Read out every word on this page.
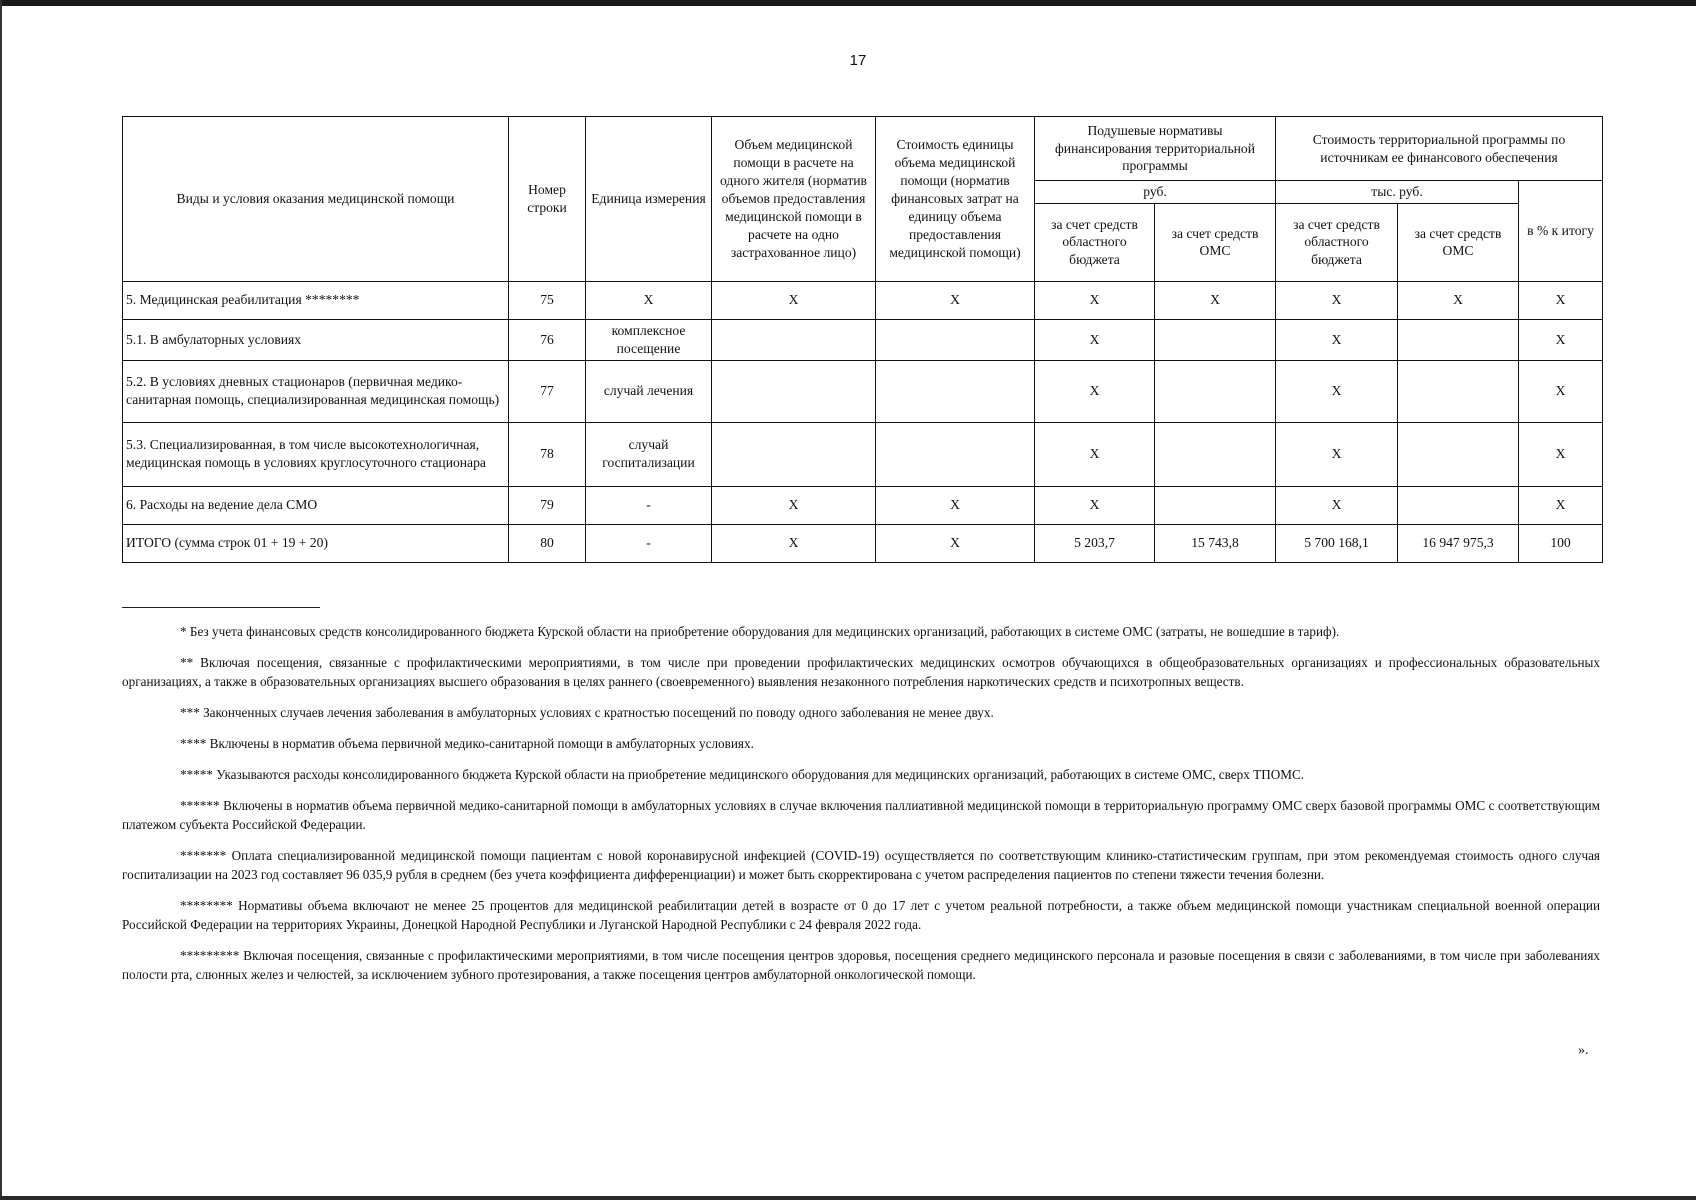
17
Виды и условия оказания медицинской помощи	Номер строки	Единица измерения	Объем медицинской помощи в расчете на одного жителя (норматив объемов предоставления медицинской помощи в расчете на одно застрахованное лицо)	Стоимость единицы объема медицинской помощи (норматив финансовых затрат на единицу объема предоставления медицинской помощи)	Подушевые нормативы финансирования территориальной программы		Стоимость территориальной программы по источникам ее финансового обеспечения		
					руб.		тыс. руб.		в % к итогу
					за счет средств областного бюджета	за счет средств ОМС	за счет средств областного бюджета	за счет средств ОМС	
5. Медицинская реабилитация ********	75	Х	Х	Х	Х	Х	Х	Х	Х
5.1. В амбулаторных условиях	76	комплексное посещение			Х		Х		Х
5.2. В условиях дневных стационаров (первичная медико-санитарная помощь, специализированная медицинская помощь)	77	случай лечения			Х		Х		Х
5.3. Специализированная, в том числе высокотехнологичная, медицинская помощь в условиях круглосуточного стационара	78	случай госпитализации			Х		Х		Х
6. Расходы на ведение дела СМО	79	-	Х	Х	Х		Х		Х
ИТОГО (сумма строк 01 + 19 + 20)	80	-	Х	Х	5 203,7	15 743,8	5 700 168,1	16 947 975,3	100

* Без учета финансовых средств консолидированного бюджета Курской области на приобретение оборудования для медицинских организаций, работающих в системе ОМС (затраты, не вошедшие в тариф).

** Включая посещения, связанные с профилактическими мероприятиями, в том числе при проведении профилактических медицинских осмотров обучающихся в общеобразовательных организациях и профессиональных образовательных организациях, а также в образовательных организациях высшего образования в целях раннего (своевременного) выявления незаконного потребления наркотических средств и психотропных веществ.

*** Законченных случаев лечения заболевания в амбулаторных условиях с кратностью посещений по поводу одного заболевания не менее двух.

**** Включены в норматив объема первичной медико-санитарной помощи в амбулаторных условиях.

***** Указываются расходы консолидированного бюджета Курской области на приобретение медицинского оборудования для медицинских организаций, работающих в системе ОМС, сверх ТПОМС.

****** Включены в норматив объема первичной медико-санитарной помощи в амбулаторных условиях в случае включения паллиативной медицинской помощи в территориальную программу ОМС сверх базовой программы ОМС с соответствующим платежом субъекта Российской Федерации.

******* Оплата специализированной медицинской помощи пациентам с новой коронавирусной инфекцией (COVID-19) осуществляется по соответствующим клинико-статистическим группам, при этом рекомендуемая стоимость одного случая госпитализации на 2023 год составляет 96 035,9 рубля в среднем (без учета коэффициента дифференциации) и может быть скорректирована с учетом распределения пациентов по степени тяжести течения болезни.

******** Нормативы объема включают не менее 25 процентов для медицинской реабилитации детей в возрасте от 0 до 17 лет с учетом реальной потребности, а также объем медицинской помощи участникам специальной военной операции Российской Федерации на территориях Украины, Донецкой Народной Республики и Луганской Народной Республики с 24 февраля 2022 года.

********* Включая посещения, связанные с профилактическими мероприятиями, в том числе посещения центров здоровья, посещения среднего медицинского персонала и разовые посещения в связи с заболеваниями, в том числе при заболеваниях полости рта, слюнных желез и челюстей, за исключением зубного протезирования, а также посещения центров амбулаторной онкологической помощи.

».
